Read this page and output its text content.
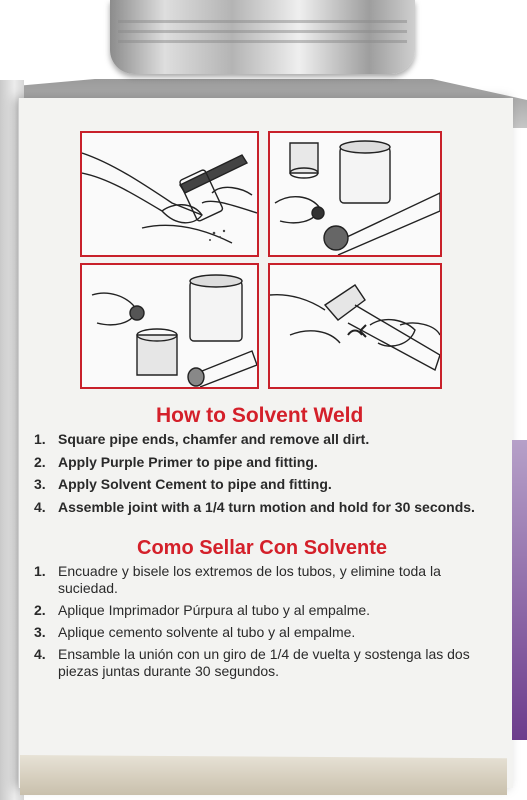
How to Solvent Weld
1. Square pipe ends, chamfer and remove all dirt.
2. Apply Purple Primer to pipe and fitting.
3. Apply Solvent Cement to pipe and fitting.
4. Assemble joint with a 1/4 turn motion and hold for 30 seconds.
Como Sellar Con Solvente
1. Encuadre y bisele los extremos de los tubos, y elimine toda la suciedad.
2. Aplique Imprimador Púrpura al tubo y al empalme.
3. Aplique cemento solvente al tubo y al empalme.
4. Ensamble la unión con un giro de 1/4 de vuelta y sostenga las dos piezas juntas durante 30 segundos.
